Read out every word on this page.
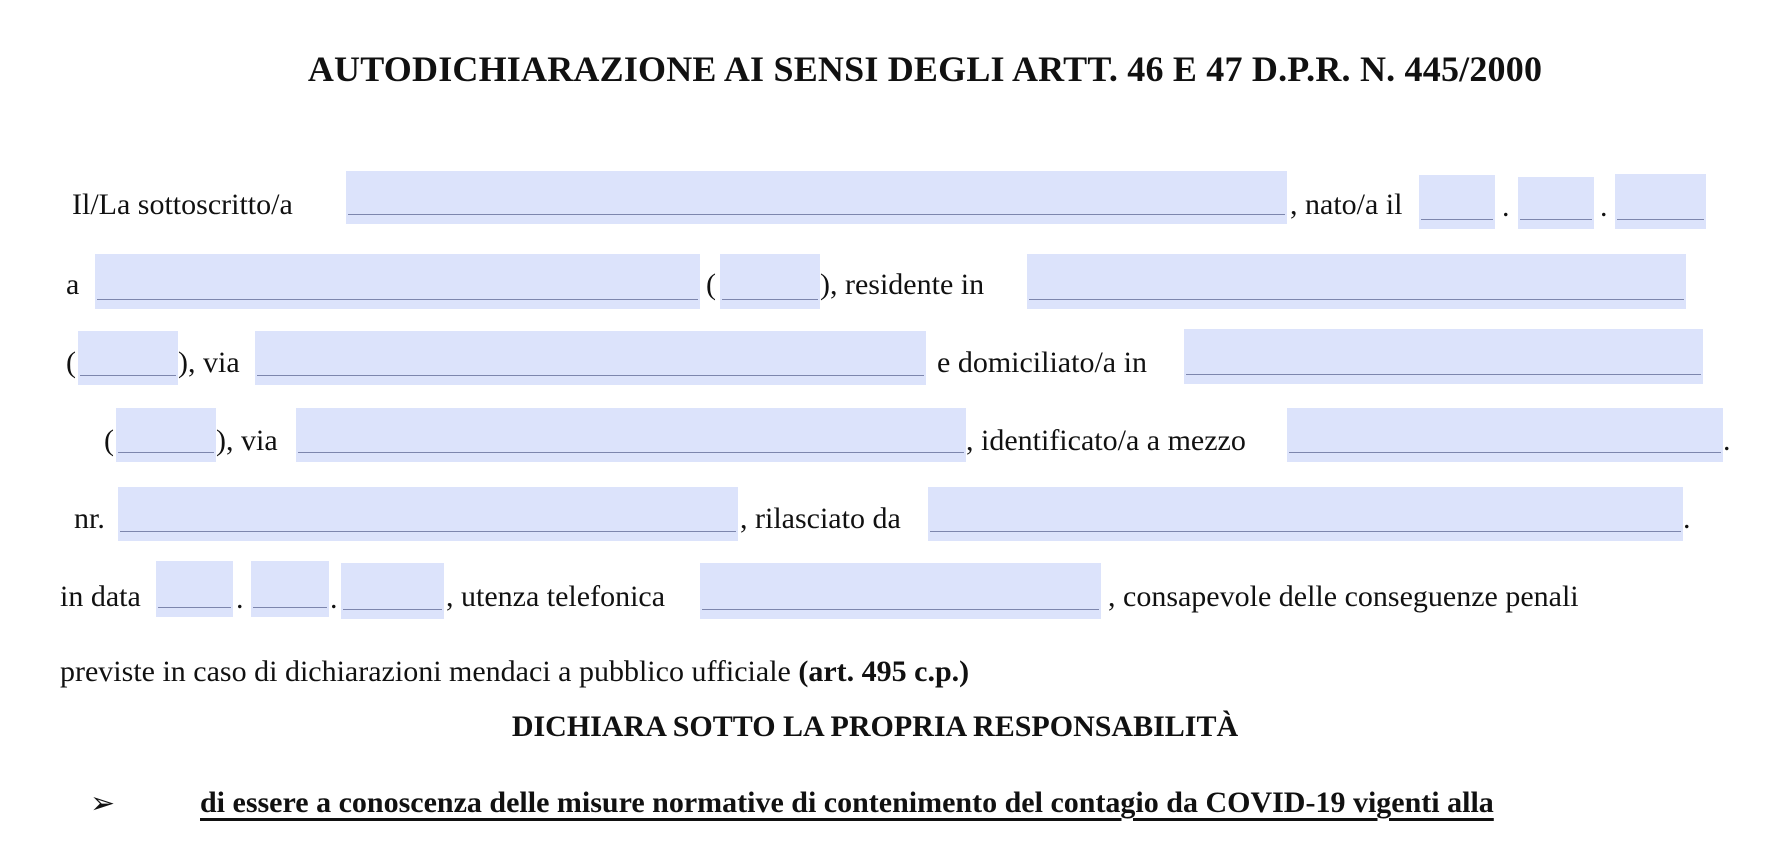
AUTODICHIARAZIONE AI SENSI DEGLI ARTT. 46 E 47 D.P.R. N. 445/2000
Il/La sottoscritto/a	, nato/a il	.	.
a	(	), residente in
(	), via	e domiciliato/a in
(	), via	, identificato/a a mezzo	.
nr.	, rilasciato da	.
in data	.	.	, utenza telefonica	, consapevole delle conseguenze penali
previste in caso di dichiarazioni mendaci a pubblico ufficiale (art. 495 c.p.)
DICHIARA SOTTO LA PROPRIA RESPONSABILITÀ
➢	di essere a conoscenza delle misure normative di contenimento del contagio da COVID-19 vigenti alla
